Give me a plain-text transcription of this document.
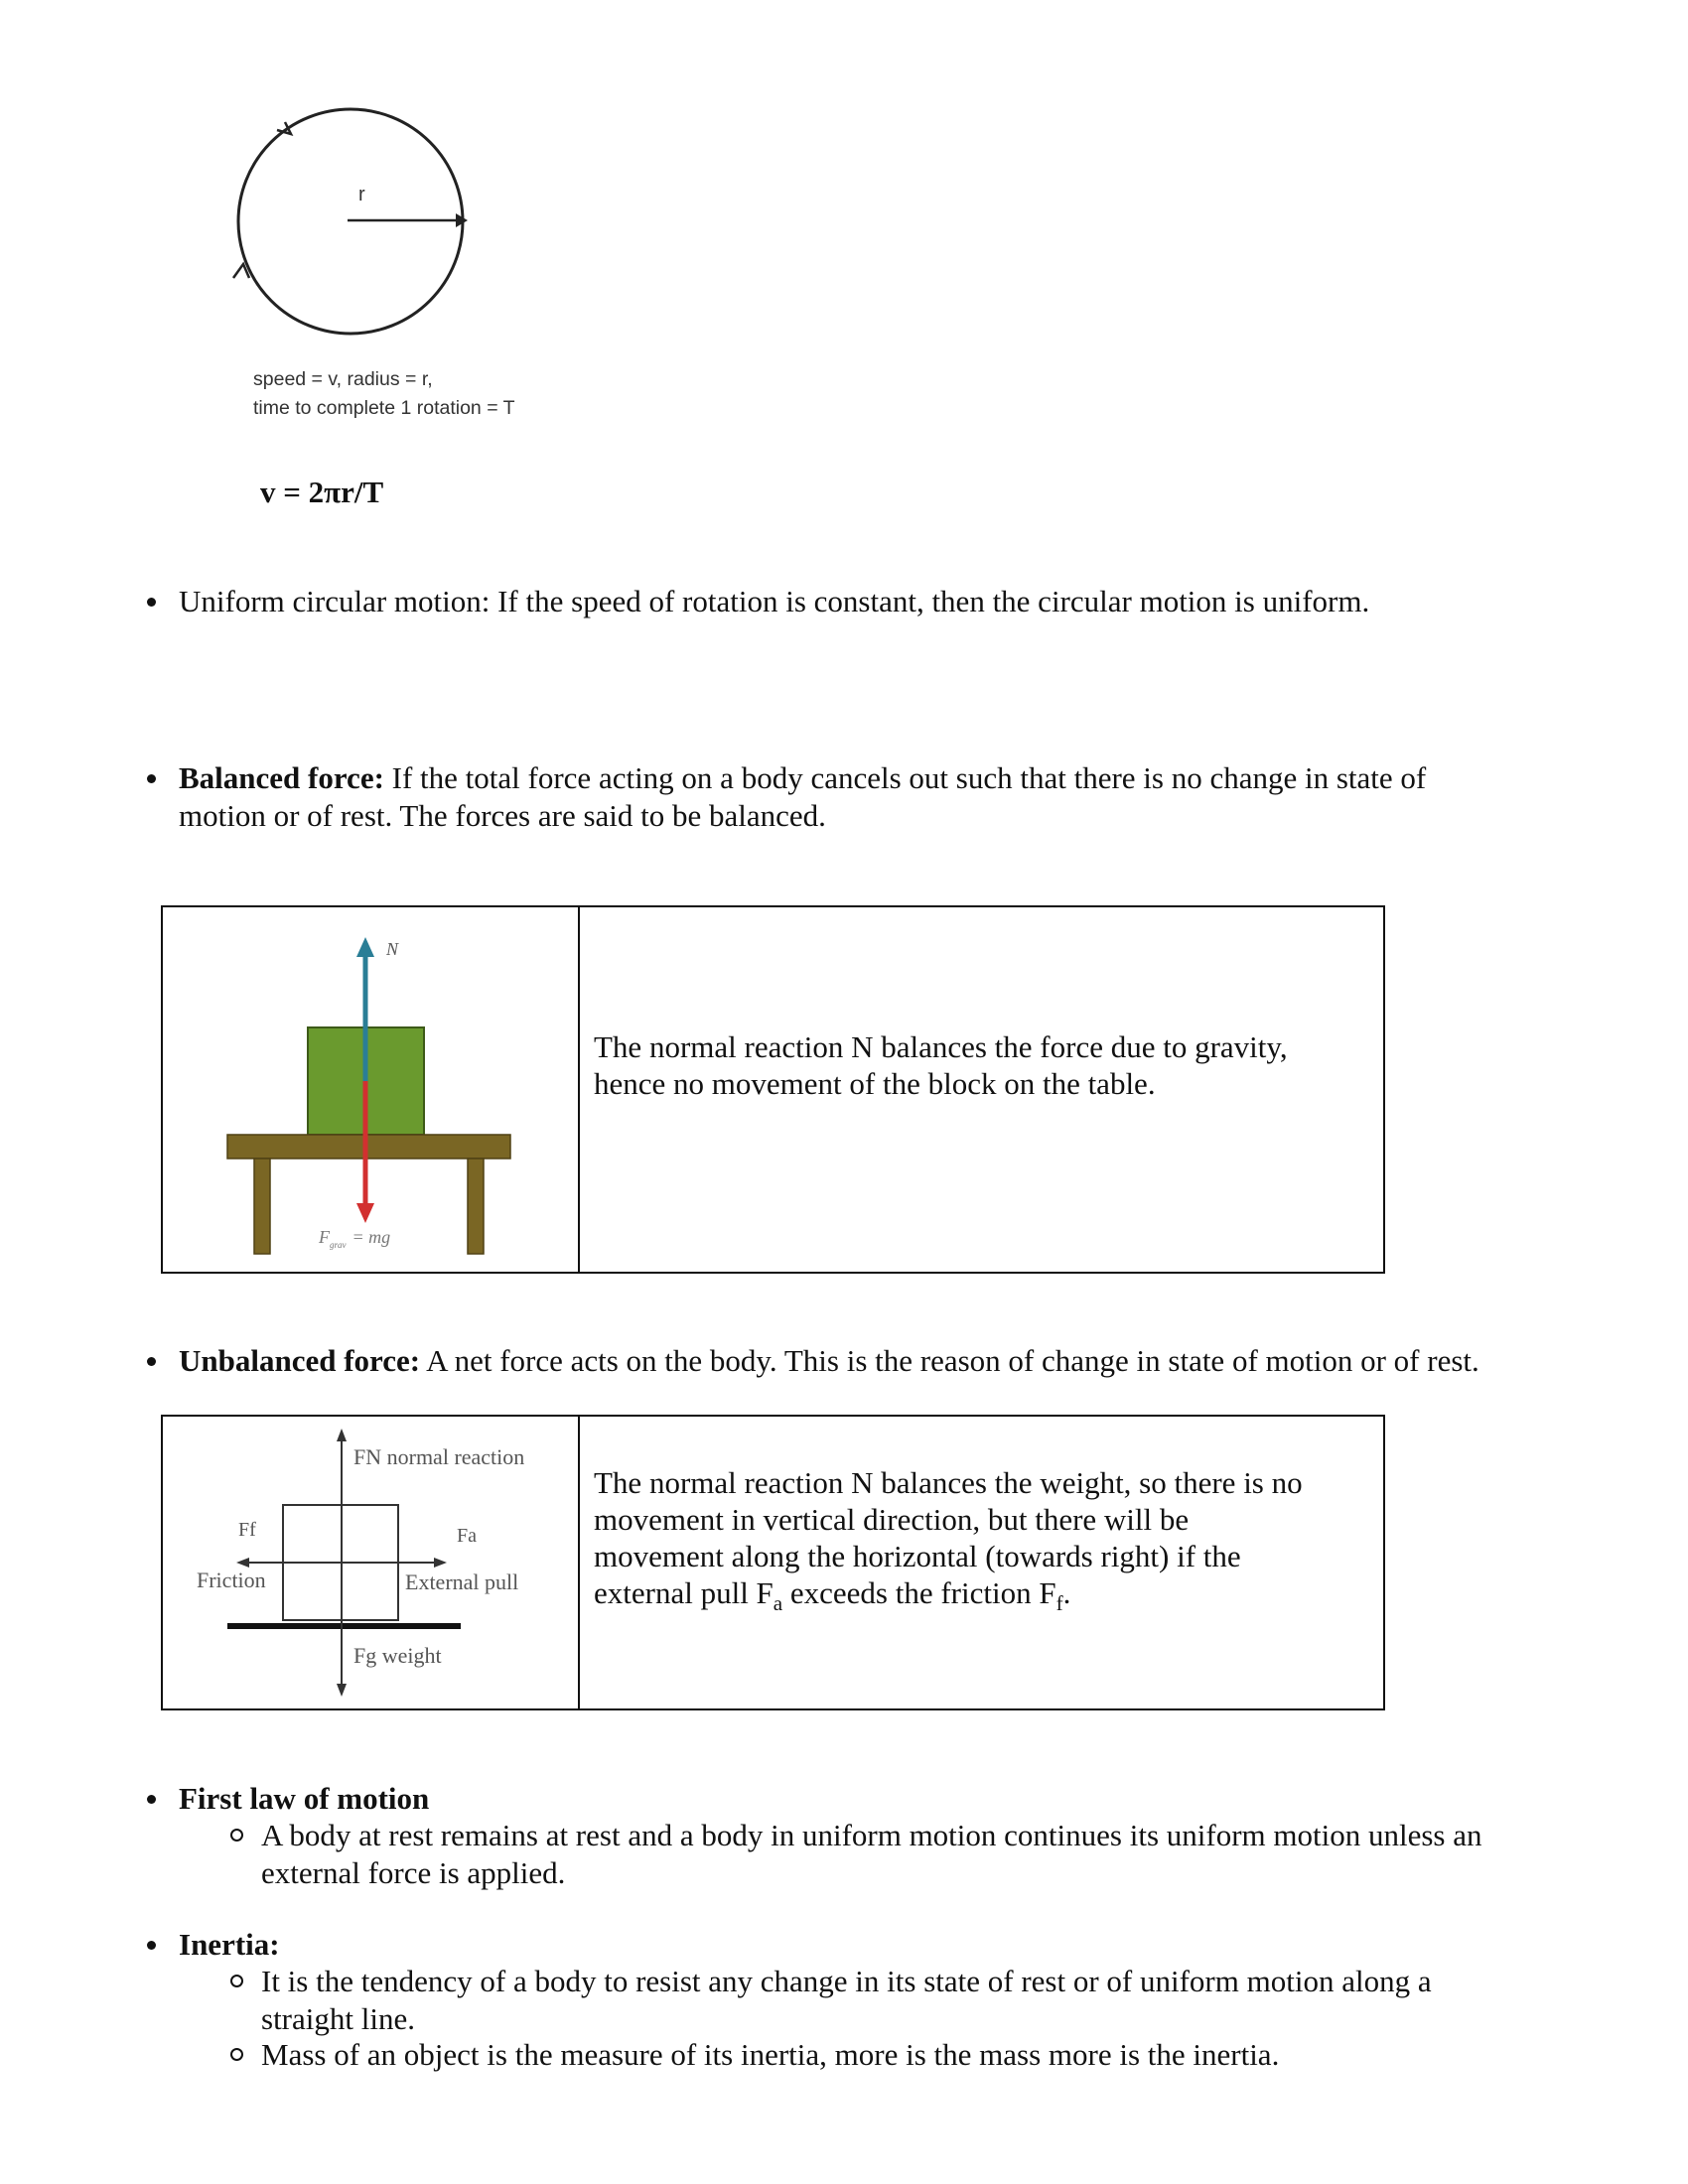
r
speed = v, radius = r,
time to complete 1 rotation = T
v = 2πr/T
Uniform circular motion: If the speed of rotation is constant, then the circular motion is uniform.
Balanced force: If the total force acting on a body cancels out such that there is no change in state of
motion or of rest. The forces are said to be balanced.
N
$F_{grav}$ = mg
The normal reaction N balances the force due to gravity,
hence no movement of the block on the table.
Unbalanced force: A net force acts on the body. This is the reason of change in state of motion or of rest.
FN normal reaction
Ff
Friction
Fa
External pull
Fg weight
The normal reaction N balances the weight, so there is no
movement in vertical direction, but there will be
movement along the horizontal (towards right) if the
external pull $F_a$ exceeds the friction $F_f$.
First law of motion
A body at rest remains at rest and a body in uniform motion continues its uniform motion unless an
external force is applied.
Inertia:
It is the tendency of a body to resist any change in its state of rest or of uniform motion along a
straight line.
Mass of an object is the measure of its inertia, more is the mass more is the inertia.
